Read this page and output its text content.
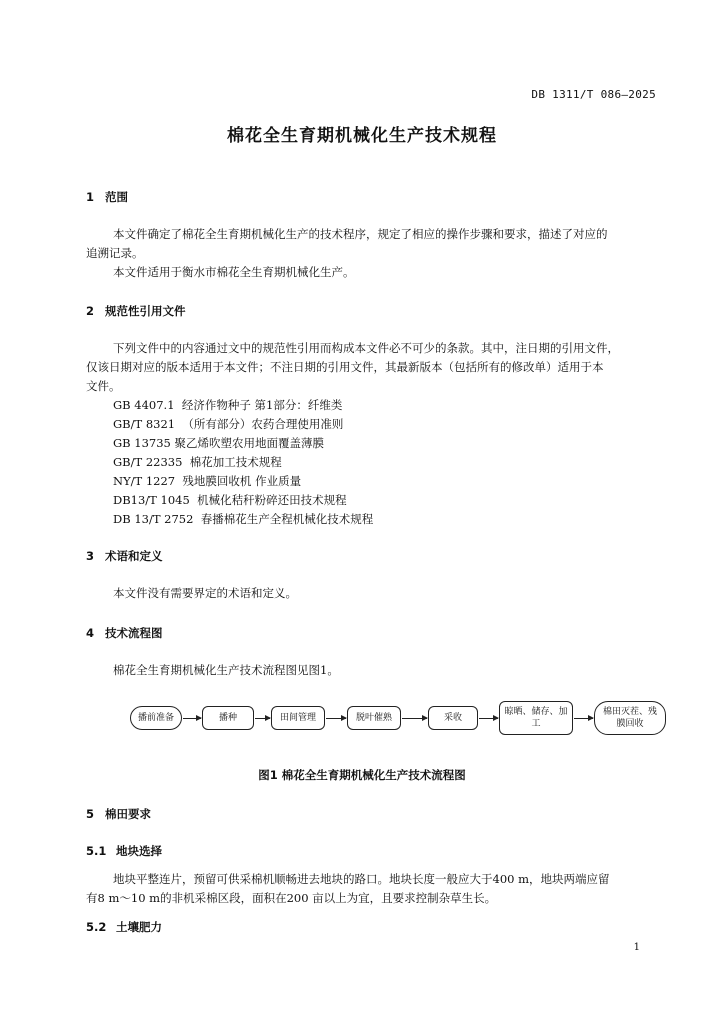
DB 1311/T 086—2025
棉花全生育期机械化生产技术规程
1 范围
本文件确定了棉花全生育期机械化生产的技术程序，规定了相应的操作步骤和要求，描述了对应的
追溯记录。
本文件适用于衡水市棉花全生育期机械化生产。
2 规范性引用文件
下列文件中的内容通过文中的规范性引用而构成本文件必不可少的条款。其中，注日期的引用文件，
仅该日期对应的版本适用于本文件；不注日期的引用文件，其最新版本（包括所有的修改单）适用于本
文件。
GB 4407.1  经济作物种子 第1部分：纤维类
GB/T 8321  （所有部分）农药合理使用准则
GB 13735 聚乙烯吹塑农用地面覆盖薄膜
GB/T 22335  棉花加工技术规程
NY/T 1227  残地膜回收机 作业质量
DB13/T 1045  机械化秸秆粉碎还田技术规程
DB 13/T 2752  春播棉花生产全程机械化技术规程
3 术语和定义
本文件没有需要界定的术语和定义。
4 技术流程图
棉花全生育期机械化生产技术流程图见图1。
播前准备	播种	田间管理	脱叶催熟	采收
晾晒、储存、加工
棉田灭茬、残膜回收
图1 棉花全生育期机械化生产技术流程图
5 棉田要求
5.1 地块选择
地块平整连片，预留可供采棉机顺畅进去地块的路口。地块长度一般应大于400 m，地块两端应留
有8 m～10 m的非机采棉区段，面积在200 亩以上为宜，且要求控制杂草生长。
5.2 土壤肥力
1
